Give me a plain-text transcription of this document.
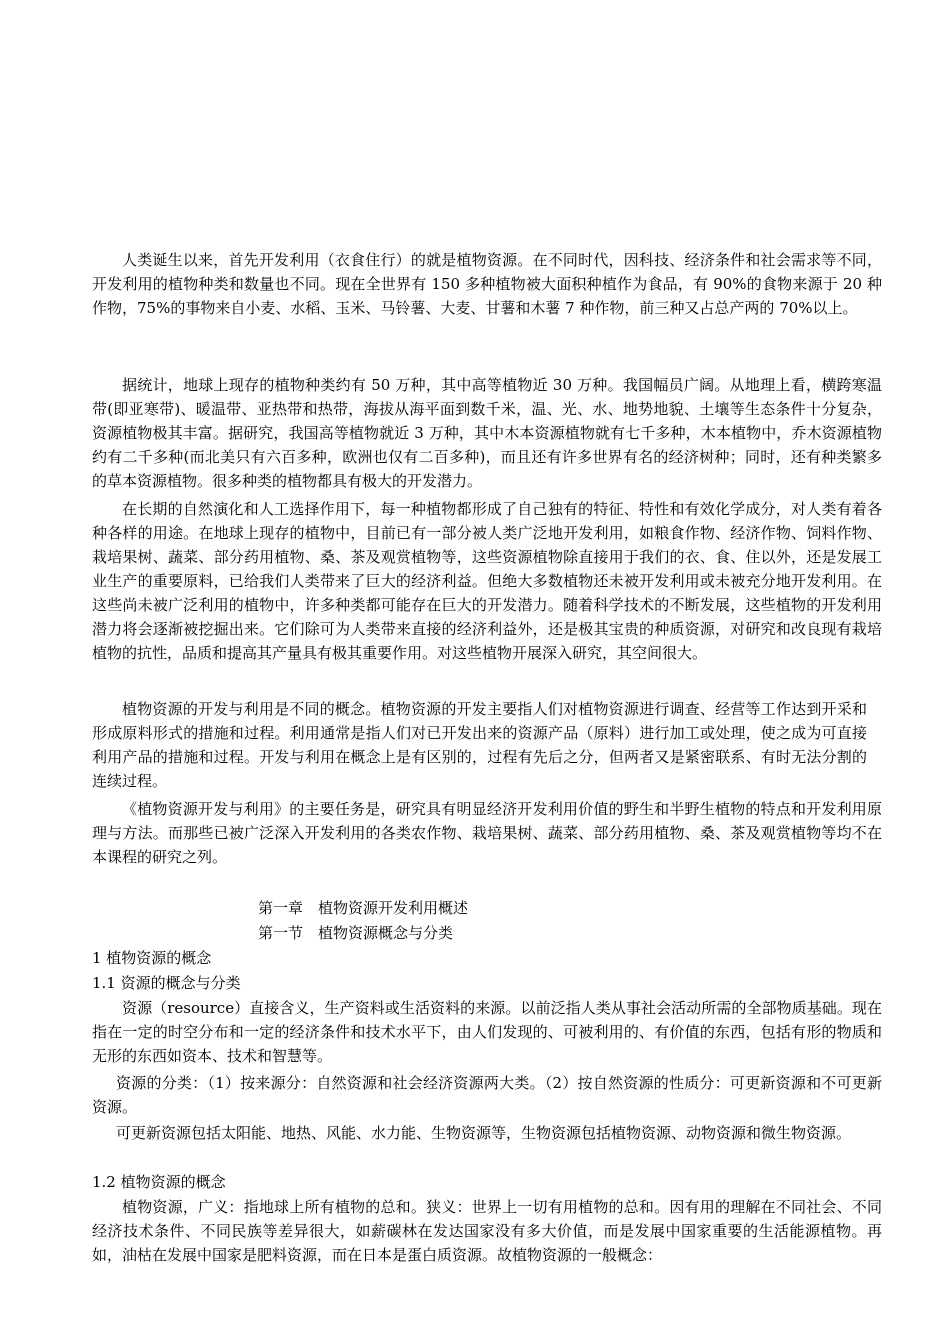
人类诞生以来，首先开发利用（衣食住行）的就是植物资源。在不同时代，因科技、经济条件和社会需求等不同，开发利用的植物种类和数量也不同。现在全世界有 150 多种植物被大面积种植作为食品，有 90%的食物来源于 20 种作物，75%的事物来自小麦、水稻、玉米、马铃薯、大麦、甘薯和木薯 7 种作物，前三种又占总产两的 70%以上。

据统计，地球上现存的植物种类约有 50 万种，其中高等植物近 30 万种。我国幅员广阔。从地理上看，横跨寒温带(即亚寒带)、暖温带、亚热带和热带，海拔从海平面到数千米，温、光、水、地势地貌、土壤等生态条件十分复杂，资源植物极其丰富。据研究，我国高等植物就近 3 万种，其中木本资源植物就有七千多种，木本植物中，乔木资源植物约有二千多种(而北美只有六百多种，欧洲也仅有二百多种)，而且还有许多世界有名的经济树种；同时，还有种类繁多的草本资源植物。很多种类的植物都具有极大的开发潜力。

在长期的自然演化和人工选择作用下，每一种植物都形成了自己独有的特征、特性和有效化学成分，对人类有着各种各样的用途。在地球上现存的植物中，目前已有一部分被人类广泛地开发利用，如粮食作物、经济作物、饲料作物、栽培果树、蔬菜、部分药用植物、桑、茶及观赏植物等，这些资源植物除直接用于我们的衣、食、住以外，还是发展工业生产的重要原料，已给我们人类带来了巨大的经济利益。但绝大多数植物还未被开发利用或未被充分地开发利用。在这些尚未被广泛利用的植物中，许多种类都可能存在巨大的开发潜力。随着科学技术的不断发展，这些植物的开发利用潜力将会逐渐被挖掘出来。它们除可为人类带来直接的经济利益外，还是极其宝贵的种质资源，对研究和改良现有栽培植物的抗性，品质和提高其产量具有极其重要作用。对这些植物开展深入研究，其空间很大。

植物资源的开发与利用是不同的概念。植物资源的开发主要指人们对植物资源进行调查、经营等工作达到开采和形成原料形式的措施和过程。利用通常是指人们对已开发出来的资源产品（原料）进行加工或处理，使之成为可直接利用产品的措施和过程。开发与利用在概念上是有区别的，过程有先后之分，但两者又是紧密联系、有时无法分割的连续过程。

《植物资源开发与利用》的主要任务是，研究具有明显经济开发利用价值的野生和半野生植物的特点和开发利用原理与方法。而那些已被广泛深入开发利用的各类农作物、栽培果树、蔬菜、部分药用植物、桑、茶及观赏植物等均不在本课程的研究之列。

第一章　植物资源开发利用概述

第一节　植物资源概念与分类

1 植物资源的概念

1.1 资源的概念与分类

资源（resource）直接含义，生产资料或生活资料的来源。以前泛指人类从事社会活动所需的全部物质基础。现在指在一定的时空分布和一定的经济条件和技术水平下，由人们发现的、可被利用的、有价值的东西，包括有形的物质和无形的东西如资本、技术和智慧等。

资源的分类：（1）按来源分：自然资源和社会经济资源两大类。（2）按自然资源的性质分：可更新资源和不可更新资源。

可更新资源包括太阳能、地热、风能、水力能、生物资源等，生物资源包括植物资源、动物资源和微生物资源。

1.2 植物资源的概念

植物资源，广义：指地球上所有植物的总和。狭义：世界上一切有用植物的总和。因有用的理解在不同社会、不同经济技术条件、不同民族等差异很大，如薪碳林在发达国家没有多大价值，而是发展中国家重要的生活能源植物。再如，油枯在发展中国家是肥料资源，而在日本是蛋白质资源。故植物资源的一般概念：
